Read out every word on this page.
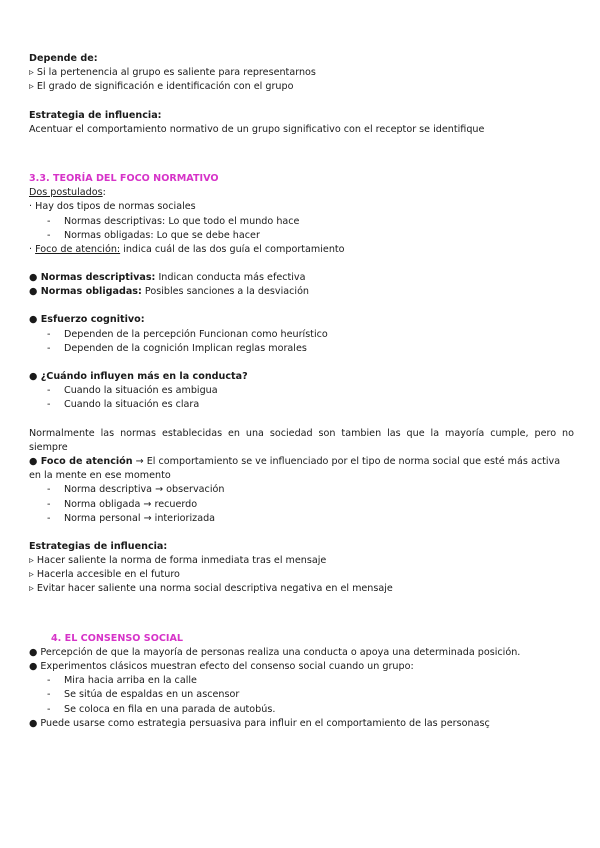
Depende de:
▹ Si la pertenencia al grupo es saliente para representarnos
▹ El grado de significación e identificación con el grupo
Estrategia de influencia:
Acentuar el comportamiento normativo de un grupo significativo con el receptor se identifique
3.3. TEORÍA DEL FOCO NORMATIVO
Dos postulados:
· Hay dos tipos de normas sociales
- Normas descriptivas: Lo que todo el mundo hace
- Normas obligadas: Lo que se debe hacer
· Foco de atención: indica cuál de las dos guía el comportamiento
● Normas descriptivas: Indican conducta más efectiva
● Normas obligadas: Posibles sanciones a la desviación
● Esfuerzo cognitivo:
- Dependen de la percepción Funcionan como heurístico
- Dependen de la cognición Implican reglas morales
● ¿Cuándo influyen más en la conducta?
- Cuando la situación es ambigua
- Cuando la situación es clara
Normalmente las normas establecidas en una sociedad son tambien las que la mayoría cumple, pero no
siempre
● Foco de atención → El comportamiento se ve influenciado por el tipo de norma social que esté más activa
en la mente en ese momento
- Norma descriptiva → observación
- Norma obligada → recuerdo
- Norma personal → interiorizada
Estrategias de influencia:
▹ Hacer saliente la norma de forma inmediata tras el mensaje
▹ Hacerla accesible en el futuro
▹ Evitar hacer saliente una norma social descriptiva negativa en el mensaje
4. EL CONSENSO SOCIAL
● Percepción de que la mayoría de personas realiza una conducta o apoya una determinada posición.
● Experimentos clásicos muestran efecto del consenso social cuando un grupo:
- Mira hacia arriba en la calle
- Se sitúa de espaldas en un ascensor
- Se coloca en fila en una parada de autobús.
● Puede usarse como estrategia persuasiva para influir en el comportamiento de las personasç
